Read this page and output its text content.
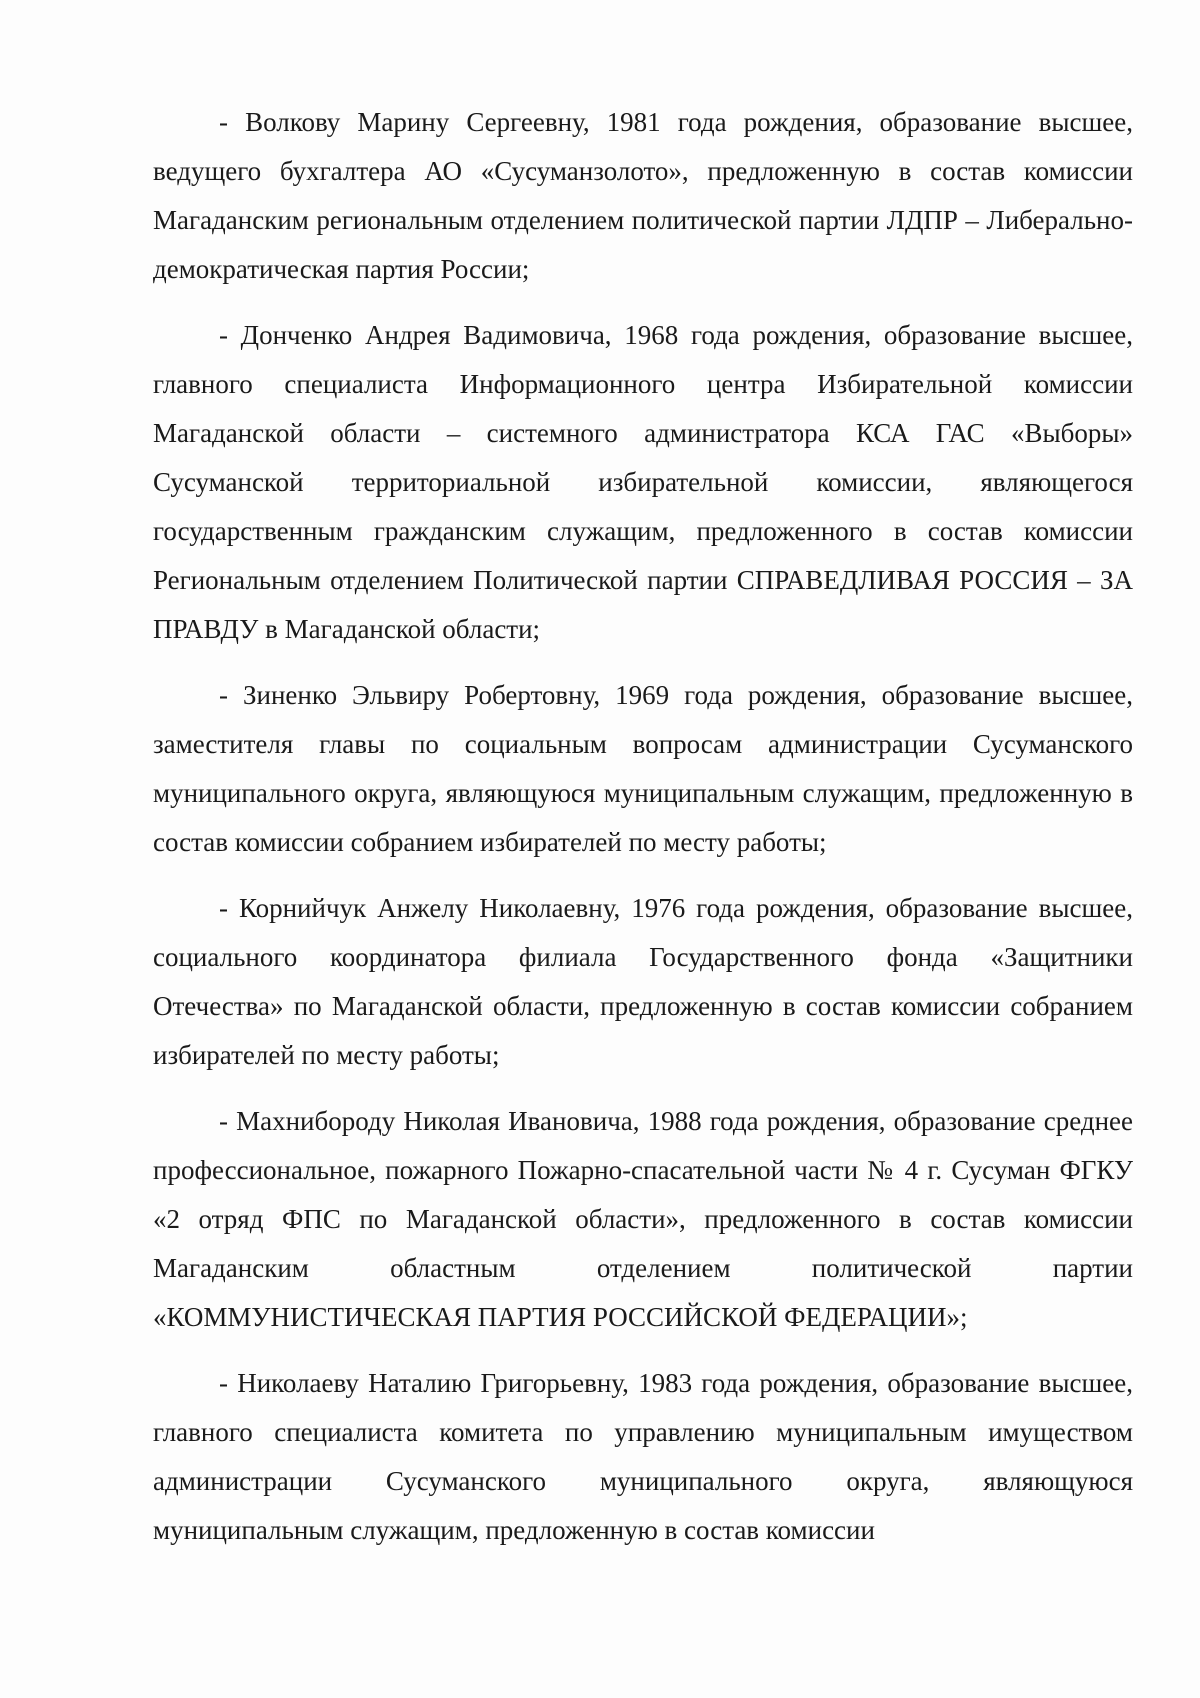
- Волкову Марину Сергеевну, 1981 года рождения, образование высшее, ведущего бухгалтера АО «Сусуманзолото», предложенную в состав комиссии Магаданским региональным отделением политической партии ЛДПР – Либерально-демократическая партия России;

- Донченко Андрея Вадимовича, 1968 года рождения, образование высшее, главного специалиста Информационного центра Избирательной комиссии Магаданской области – системного администратора КСА ГАС «Выборы» Сусуманской территориальной избирательной комиссии, являющегося государственным гражданским служащим, предложенного в состав комиссии Региональным отделением Политической партии СПРАВЕДЛИВАЯ РОССИЯ – ЗА ПРАВДУ в Магаданской области;

- Зиненко Эльвиру Робертовну, 1969 года рождения, образование высшее, заместителя главы по социальным вопросам администрации Сусуманского муниципального округа, являющуюся муниципальным служащим, предложенную в состав комиссии собранием избирателей по месту работы;

- Корнийчук Анжелу Николаевну, 1976 года рождения, образование высшее, социального координатора филиала Государственного фонда «Защитники Отечества» по Магаданской области, предложенную в состав комиссии собранием избирателей по месту работы;

- Махнибороду Николая Ивановича, 1988 года рождения, образование среднее профессиональное, пожарного Пожарно-спасательной части № 4 г. Сусуман ФГКУ «2 отряд ФПС по Магаданской области», предложенного в состав комиссии Магаданским областным отделением политической партии «КОММУНИСТИЧЕСКАЯ ПАРТИЯ РОССИЙСКОЙ ФЕДЕРАЦИИ»;

- Николаеву Наталию Григорьевну, 1983 года рождения, образование высшее, главного специалиста комитета по управлению муниципальным имуществом администрации Сусуманского муниципального округа, являющуюся муниципальным служащим, предложенную в состав комиссии
